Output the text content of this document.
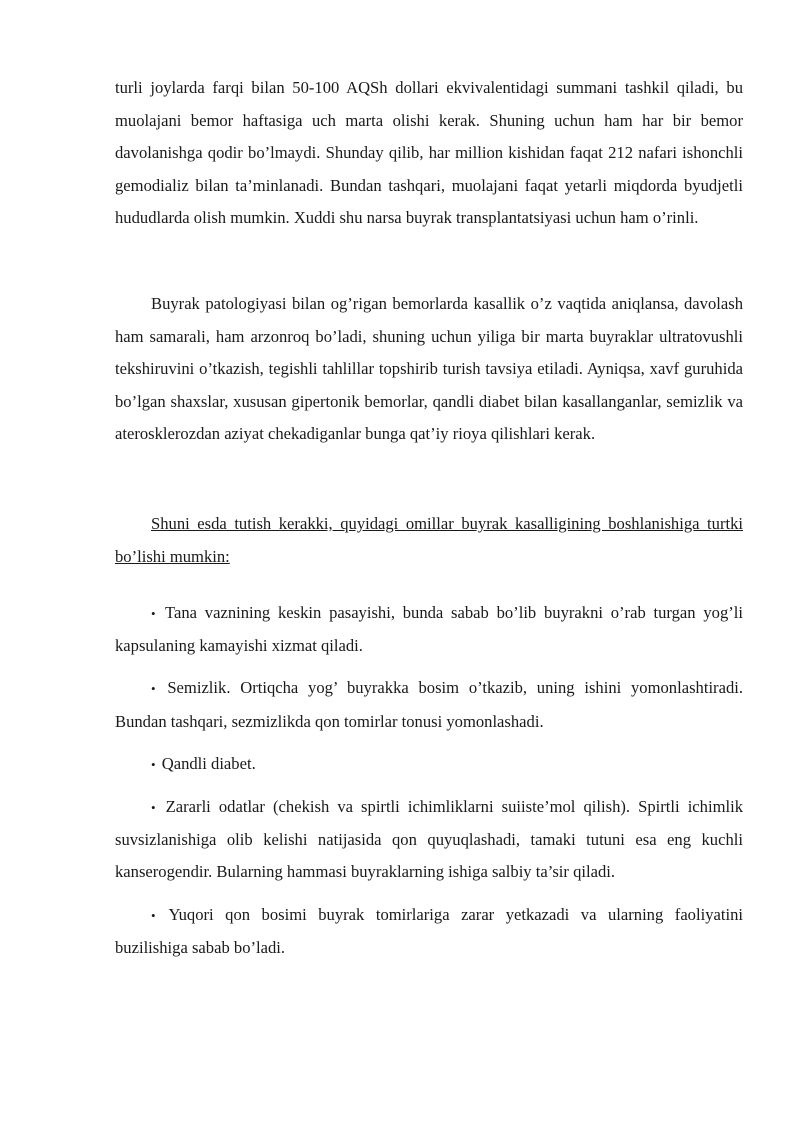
turli joylarda farqi bilan 50-100 AQSh dollari ekvivalentidagi summani tashkil qiladi, bu muolajani bemor haftasiga uch marta olishi kerak. Shuning uchun ham har bir bemor davolanishga qodir bo’lmaydi. Shunday qilib, har million kishidan faqat 212 nafari ishonchli gemodializ bilan ta’minlanadi. Bundan tashqari, muolajani faqat yetarli miqdorda byudjetli hududlarda olish mumkin. Xuddi shu narsa buyrak transplantatsiyasi uchun ham o’rinli.
Buyrak patologiyasi bilan og’rigan bemorlarda kasallik o’z vaqtida aniqlansa, davolash ham samarali, ham arzonroq bo’ladi, shuning uchun yiliga bir marta buyraklar ultratovushli tekshiruvini o’tkazish, tegishli tahlillar topshirib turish tavsiya etiladi. Ayniqsa, xavf guruhida bo’lgan shaxslar, xususan gipertonik bemorlar, qandli diabet bilan kasallanganlar, semizlik va aterosklerozdan aziyat chekadiganlar bunga qat’iy rioya qilishlari kerak.
Shuni esda tutish kerakki, quyidagi omillar buyrak kasalligining boshlanishiga turtki bo’lishi mumkin:
• Tana vaznining keskin pasayishi, bunda sabab bo’lib buyrakni o’rab turgan yog’li kapsulaning kamayishi xizmat qiladi.
• Semizlik. Ortiqcha yog’ buyrakka bosim o’tkazib, uning ishini yomonlashtiradi. Bundan tashqari, sezmizlikda qon tomirlar tonusi yomonlashadi.
• Qandli diabet.
• Zararli odatlar (chekish va spirtli ichimliklarni suiiste’mol qilish). Spirtli ichimlik suvsizlanishiga olib kelishi natijasida qon quyuqlashadi, tamaki tutuni esa eng kuchli kanserogendir. Bularning hammasi buyraklarning ishiga salbiy ta’sir qiladi.
• Yuqori qon bosimi buyrak tomirlariga zarar yetkazadi va ularning faoliyatini buzilishiga sabab bo’ladi.
